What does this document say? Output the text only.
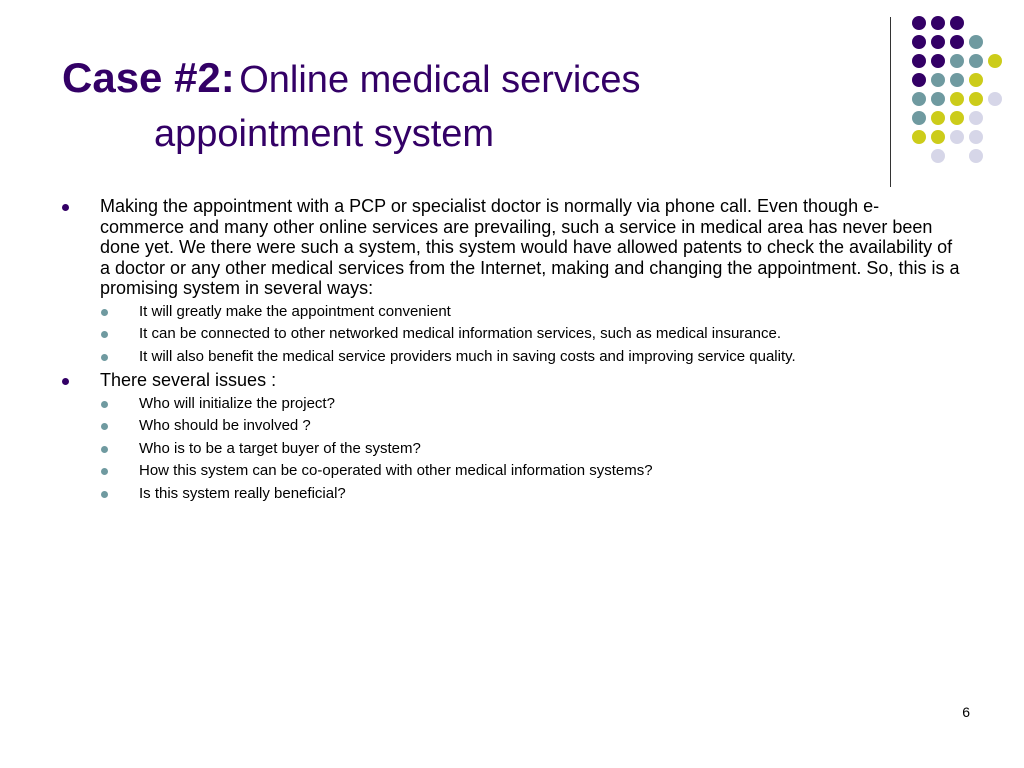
Case #2: Online medical services
appointment system
Making the appointment with a PCP or specialist doctor is normally via phone call. Even though e-commerce and many other online services are prevailing, such a service in medical area has never been done yet. We there were such a system, this system would have allowed patents to check the availability of a doctor or any other medical services from the Internet, making and changing the appointment. So, this is a promising system in several ways:
It will greatly make the appointment convenient
It can be connected to other networked medical information services, such as medical insurance.
It will also benefit the medical service providers much in saving costs and improving service quality.
There several issues :
Who will initialize the project?
Who should be involved ?
Who is to be a target buyer of the system?
How this system can be co-operated with other medical information systems?
Is this system really beneficial?
6
